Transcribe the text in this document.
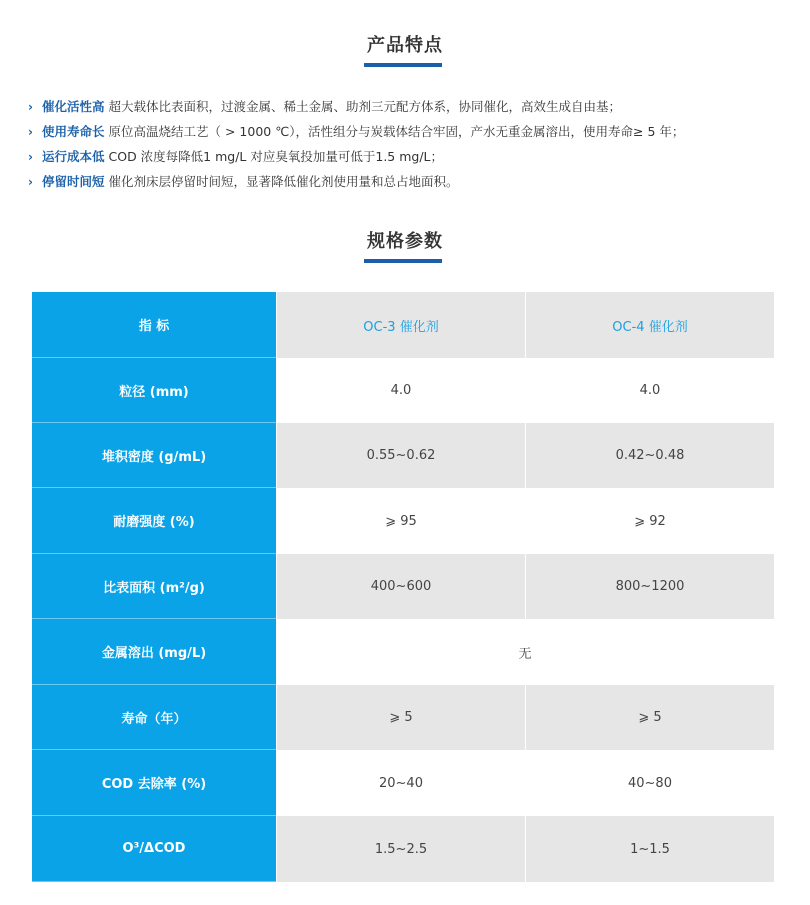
产品特点
› 催化活性高 超大载体比表面积，过渡金属、稀土金属、助剂三元配方体系，协同催化，高效生成自由基；
› 使用寿命长 原位高温烧结工艺（ > 1000 ℃），活性组分与炭载体结合牢固，产水无重金属溶出，使用寿命≥ 5 年；
› 运行成本低 COD 浓度每降低1 mg/L 对应臭氧投加量可低于1.5 mg/L；
› 停留时间短 催化剂床层停留时间短，显著降低催化剂使用量和总占地面积。
规格参数
指 标	OC-3 催化剂	OC-4 催化剂
粒径 (mm)	4.0	4.0
堆积密度 (g/mL)	0.55~0.62	0.42~0.48
耐磨强度 (%)	⩾ 95	⩾ 92
比表面积 (m²/g)	400~600	800~1200
金属溶出 (mg/L)	无
寿命（年）	⩾ 5	⩾ 5
COD 去除率 (%)	20~40	40~80
O³/ΔCOD	1.5~2.5	1~1.5
